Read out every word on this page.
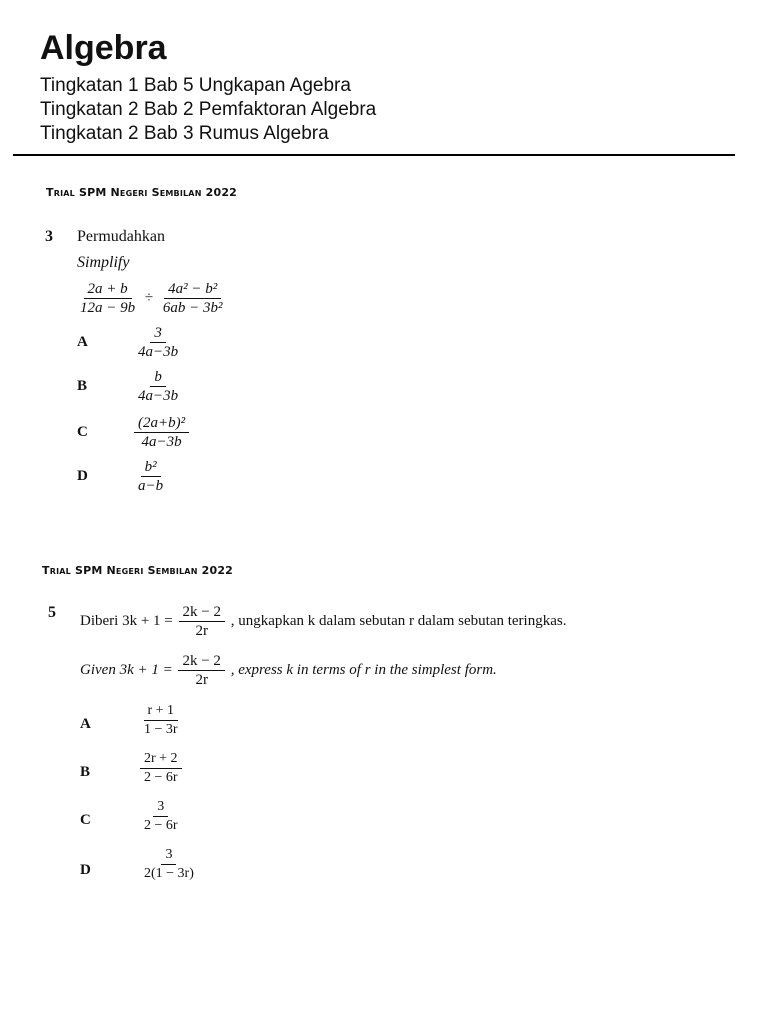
Algebra
Tingkatan 1 Bab 5 Ungkapan Agebra
Tingkatan 2 Bab 2 Pemfaktoran Algebra
Tingkatan 2 Bab 3 Rumus Algebra
Trial SPM Negeri Sembilan 2022
3 Permudahkan
Simplify
$\frac{2a + b}{12a - 9b} \div \frac{\text{4a² − b²}}{\text{6ab − 3b²}}$
A	$\frac{3}{4a-3b}$
B	$\frac{b}{4a-3b}$
C	$\frac{\text{(2a+b)²}}{4a-3b}$
D	$\frac{\text{b²}}{a-b}$
Trial SPM Negeri Sembilan 2022
5 Diberi $3k + 1 = \frac{2k - 2}{2r}$ , ungkapkan k dalam sebutan r dalam sebutan teringkas.
Given $3k + 1 = \frac{2k - 2}{2r}$ , express k in terms of r in the simplest form.
A	$\frac{r + 1}{1 - 3r}$
B	$\frac{2r + 2}{2 - 6r}$
C	$\frac{3}{2 - 6r}$
D	$\frac{3}{2(1 - 3r)}$
